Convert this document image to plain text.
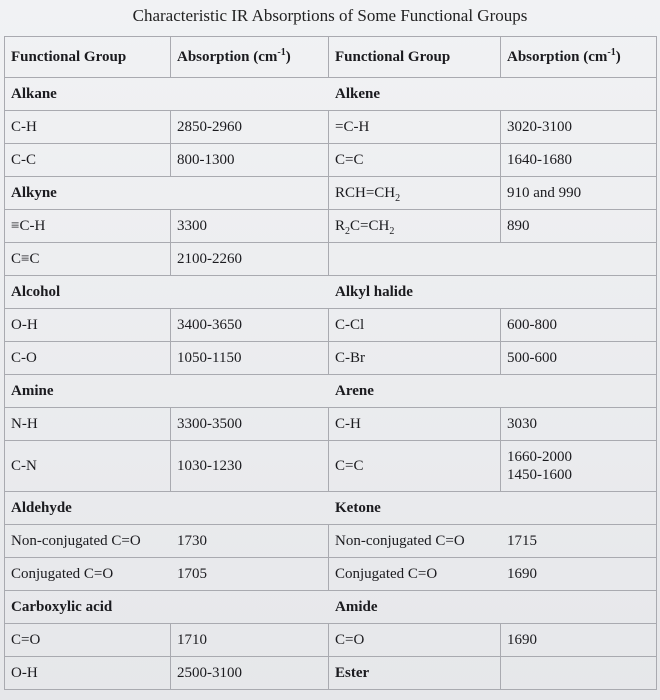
Characteristic IR Absorptions of Some Functional Groups
Functional Group	Absorption $(cm^{-1})$	Functional Group	Absorption $(cm^{-1})$
Alkane		Alkene	
C-H	2850-2960	=C-H	3020-3100
C-C	800-1300	C=C	1640-1680
Alkyne		$RCH=CH_2$	910 and 990
≡C-H	3300	$R_2C=CH_2$	890
C≡C	2100-2260		
Alcohol		Alkyl halide	
O-H	3400-3650	C-Cl	600-800
C-O	1050-1150	C-Br	500-600
Amine		Arene	
N-H	3300-3500	C-H	3030
C-N	1030-1230	C=C	1660-2000
1450-1600

Aldehyde		Ketone	
Non-conjugated C=O	1730	Non-conjugated C=O	1715
Conjugated C=O	1705	Conjugated C=O	1690
Carboxylic acid		Amide	
C=O	1710	C=O	1690
O-H	2500-3100	Ester	
